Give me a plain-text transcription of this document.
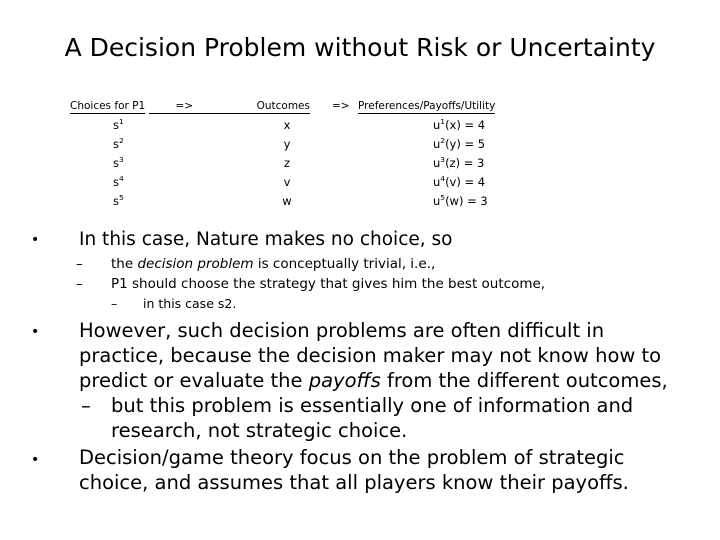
A Decision Problem without Risk or Uncertainty
Choices for P1	=>	Outcomes => Preferences/Payoffs/Utility
$s^1$
$s^2$
$s^3$
$s^4$
$s^5$
x
y
z
v
w
$u^1(x) = 4$
$u^2(y) = 5$
$u^3(z) = 3$
$u^4(v) = 4$
$u^5(w) = 3$
• In this case, Nature makes no choice, so
– the decision problem is conceptually trivial, i.e.,
– P1 should choose the strategy that gives him the best outcome,
– in this case s2.
• However, such decision problems are often difficult in
practice, because the decision maker may not know how to
predict or evaluate the payoffs from the different outcomes,
– but this problem is essentially one of information and
research, not strategic choice.
• Decision/game theory focus on the problem of strategic
choice, and assumes that all players know their payoffs.
